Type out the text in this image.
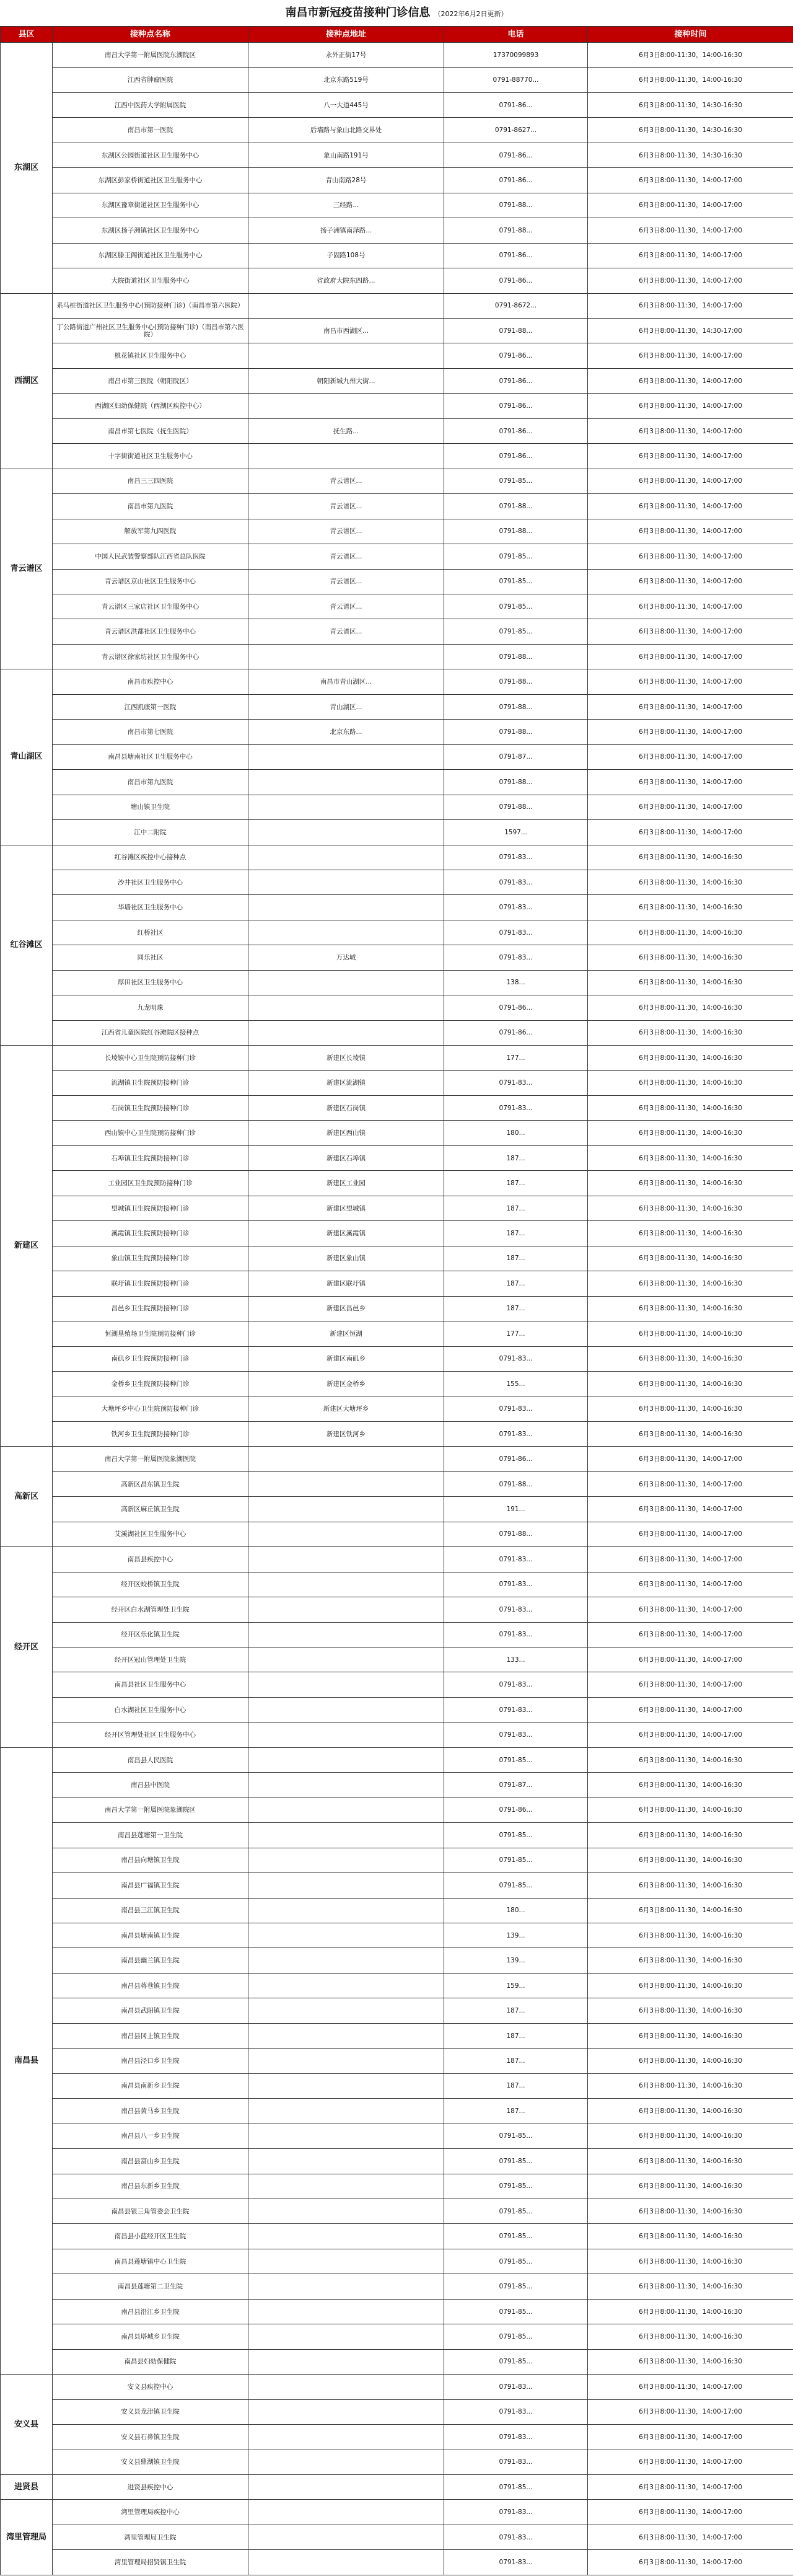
南昌市新冠疫苗接种门诊信息 （2022年6月2日更新）
县区	接种点名称	接种点地址	电话	接种时间
东湖区	南昌大学第一附属医院东湖院区	永外正街17号	17370099893	6月3日8:00-11:30，14:00-16:30
	江西省肿瘤医院	北京东路519号	0791-88770...	6月3日8:00-11:30，14:00-16:30
	江西中医药大学附属医院	八一大道445号	0791-86...	6月3日8:00-11:30，14:30-16:30
	南昌市第一医院	后墙路与象山北路交界处	0791-8627...	6月3日8:00-11:30，14:30-16:30
	东湖区公园街道社区卫生服务中心	象山南路191号	0791-86...	6月3日8:00-11:30，14:30-16:30
	东湖区彭家桥街道社区卫生服务中心	青山南路28号	0791-86...	6月3日8:00-11:30，14:00-17:00
	东湖区豫章街道社区卫生服务中心	三经路...	0791-88...	6月3日8:00-11:30，14:00-17:00
	东湖区扬子洲镇社区卫生服务中心	扬子洲镇南泽路...	0791-88...	6月3日8:00-11:30，14:00-17:00
	东湖区滕王阁街道社区卫生服务中心	子固路108号	0791-86...	6月3日8:00-11:30，14:00-17:00
	大院街道社区卫生服务中心	省政府大院东四路...	0791-86...	6月3日8:00-11:30，14:00-17:00
西湖区	系马桩街道社区卫生服务中心(预防接种门诊)（南昌市第六医院）		0791-8672...	6月3日8:00-11:30，14:00-17:00
	丁公路街道广州社区卫生服务中心(预防接种门诊)（南昌市第六医院）	南昌市西湖区...	0791-88...	6月3日8:00-11:30，14:30-17:00
	桃花镇社区卫生服务中心		0791-86...	6月3日8:00-11:30，14:00-17:00
	南昌市第三医院（朝阳院区）	朝阳新城九州大街...	0791-86...	6月3日8:00-11:30，14:00-17:00
	西湖区妇幼保健院（西湖区疾控中心）		0791-86...	6月3日8:00-11:30，14:00-17:00
	南昌市第七医院（抚生医院）	抚生路...	0791-86...	6月3日8:00-11:30，14:00-17:00
	十字街街道社区卫生服务中心		0791-86...	6月3日8:00-11:30，14:00-17:00
青云谱区	南昌三三四医院	青云谱区...	0791-85...	6月3日8:00-11:30，14:00-17:00
	南昌市第九医院	青云谱区...	0791-88...	6月3日8:00-11:30，14:00-17:00
	解放军第九四医院	青云谱区...	0791-88...	6月3日8:00-11:30，14:00-17:00
	中国人民武装警察部队江西省总队医院	青云谱区...	0791-85...	6月3日8:00-11:30，14:00-17:00
	青云谱区京山社区卫生服务中心	青云谱区...	0791-85...	6月3日8:00-11:30，14:00-17:00
	青云谱区三家店社区卫生服务中心	青云谱区...	0791-85...	6月3日8:00-11:30，14:00-17:00
	青云谱区洪都社区卫生服务中心	青云谱区...	0791-85...	6月3日8:00-11:30，14:00-17:00
	青云谱区徐家坊社区卫生服务中心		0791-88...	6月3日8:00-11:30，14:00-17:00
青山湖区	南昌市疾控中心	南昌市青山湖区...	0791-88...	6月3日8:00-11:30，14:00-17:00
	江西凯康第一医院	青山湖区...	0791-88...	6月3日8:00-11:30，14:00-17:00
	南昌市第七医院	北京东路...	0791-88...	6月3日8:00-11:30，14:00-17:00
	南昌县塘南社区卫生服务中心		0791-87...	6月3日8:00-11:30，14:00-17:00
	南昌市第九医院		0791-88...	6月3日8:00-11:30，14:00-17:00
	塘山镇卫生院		0791-88...	6月3日8:00-11:30，14:00-17:00
	江中二附院		1597...	6月3日8:00-11:30，14:00-17:00
红谷滩区	红谷滩区疾控中心接种点		0791-83...	6月3日8:00-11:30，14:00-16:30
	沙井社区卫生服务中心		0791-83...	6月3日8:00-11:30，14:00-16:30
	华墙社区卫生服务中心		0791-83...	6月3日8:00-11:30，14:00-16:30
	红桥社区		0791-83...	6月3日8:00-11:30，14:00-16:30
	同乐社区	万达城	0791-83...	6月3日8:00-11:30，14:00-16:30
	厚田社区卫生服务中心		138...	6月3日8:00-11:30，14:00-16:30
	九龙明珠		0791-86...	6月3日8:00-11:30，14:00-16:30
	江西省儿童医院红谷滩院区接种点		0791-86...	6月3日8:00-11:30，14:00-16:30
新建区	长堎镇中心卫生院预防接种门诊	新建区长堎镇	177...	6月3日8:00-11:30，14:00-16:30
	流湖镇卫生院预防接种门诊	新建区流湖镇	0791-83...	6月3日8:00-11:30，14:00-16:30
	石岗镇卫生院预防接种门诊	新建区石岗镇	0791-83...	6月3日8:00-11:30，14:00-16:30
	西山镇中心卫生院预防接种门诊	新建区西山镇	180...	6月3日8:00-11:30，14:00-16:30
	石埠镇卫生院预防接种门诊	新建区石埠镇	187...	6月3日8:00-11:30，14:00-16:30
	工业园区卫生院预防接种门诊	新建区工业园	187...	6月3日8:00-11:30，14:00-16:30
	望城镇卫生院预防接种门诊	新建区望城镇	187...	6月3日8:00-11:30，14:00-16:30
	溪霞镇卫生院预防接种门诊	新建区溪霞镇	187...	6月3日8:00-11:30，14:00-16:30
	象山镇卫生院预防接种门诊	新建区象山镇	187...	6月3日8:00-11:30，14:00-16:30
	联圩镇卫生院预防接种门诊	新建区联圩镇	187...	6月3日8:00-11:30，14:00-16:30
	昌邑乡卫生院预防接种门诊	新建区昌邑乡	187...	6月3日8:00-11:30，14:00-16:30
	恒湖垦殖场卫生院预防接种门诊	新建区恒湖	177...	6月3日8:00-11:30，14:00-16:30
	南矶乡卫生院预防接种门诊	新建区南矶乡	0791-83...	6月3日8:00-11:30，14:00-16:30
	金桥乡卫生院预防接种门诊	新建区金桥乡	155...	6月3日8:00-11:30，14:00-16:30
	大塘坪乡中心卫生院预防接种门诊	新建区大塘坪乡	0791-83...	6月3日8:00-11:30，14:00-16:30
	铁河乡卫生院预防接种门诊	新建区铁河乡	0791-83...	6月3日8:00-11:30，14:00-16:30
高新区	南昌大学第一附属医院象湖医院		0791-86...	6月3日8:00-11:30，14:00-17:00
	高新区昌东镇卫生院		0791-88...	6月3日8:00-11:30，14:00-17:00
	高新区麻丘镇卫生院		191...	6月3日8:00-11:30，14:00-17:00
	艾溪湖社区卫生服务中心		0791-88...	6月3日8:00-11:30，14:00-17:00
经开区	南昌县疾控中心		0791-83...	6月3日8:00-11:30，14:00-17:00
	经开区蛟桥镇卫生院		0791-83...	6月3日8:00-11:30，14:00-17:00
	经开区白水湖管理处卫生院		0791-83...	6月3日8:00-11:30，14:00-17:00
	经开区乐化镇卫生院		0791-83...	6月3日8:00-11:30，14:00-17:00
	经开区冠山管理处卫生院		133...	6月3日8:00-11:30，14:00-17:00
	南昌县社区卫生服务中心		0791-83...	6月3日8:00-11:30，14:00-17:00
	白水湖社区卫生服务中心		0791-83...	6月3日8:00-11:30，14:00-17:00
	经开区管理处社区卫生服务中心		0791-83...	6月3日8:00-11:30，14:00-17:00
南昌县	南昌县人民医院		0791-85...	6月3日8:00-11:30，14:00-16:30
	南昌县中医院		0791-87...	6月3日8:00-11:30，14:00-16:30
	南昌大学第一附属医院象湖院区		0791-86...	6月3日8:00-11:30，14:00-16:30
	南昌县莲塘第一卫生院		0791-85...	6月3日8:00-11:30，14:00-16:30
	南昌县向塘镇卫生院		0791-85...	6月3日8:00-11:30，14:00-16:30
	南昌县广福镇卫生院		0791-85...	6月3日8:00-11:30，14:00-16:30
	南昌县三江镇卫生院		180...	6月3日8:00-11:30，14:00-16:30
	南昌县塘南镇卫生院		139...	6月3日8:00-11:30，14:00-16:30
	南昌县幽兰镇卫生院		139...	6月3日8:00-11:30，14:00-16:30
	南昌县蒋巷镇卫生院		159...	6月3日8:00-11:30，14:00-16:30
	南昌县武阳镇卫生院		187...	6月3日8:00-11:30，14:00-16:30
	南昌县冈上镇卫生院		187...	6月3日8:00-11:30，14:00-16:30
	南昌县泾口乡卫生院		187...	6月3日8:00-11:30，14:00-16:30
	南昌县南新乡卫生院		187...	6月3日8:00-11:30，14:00-16:30
	南昌县黄马乡卫生院		187...	6月3日8:00-11:30，14:00-16:30
	南昌县八一乡卫生院		0791-85...	6月3日8:00-11:30，14:00-16:30
	南昌县富山乡卫生院		0791-85...	6月3日8:00-11:30，14:00-16:30
	南昌县东新乡卫生院		0791-85...	6月3日8:00-11:30，14:00-16:30
	南昌县银三角管委会卫生院		0791-85...	6月3日8:00-11:30，14:00-16:30
	南昌县小蓝经开区卫生院		0791-85...	6月3日8:00-11:30，14:00-16:30
	南昌县莲塘镇中心卫生院		0791-85...	6月3日8:00-11:30，14:00-16:30
	南昌县莲塘第二卫生院		0791-85...	6月3日8:00-11:30，14:00-16:30
	南昌县沿江乡卫生院		0791-85...	6月3日8:00-11:30，14:00-16:30
	南昌县塔城乡卫生院		0791-85...	6月3日8:00-11:30，14:00-16:30
	南昌县妇幼保健院		0791-85...	6月3日8:00-11:30，14:00-16:30
安义县	安义县疾控中心		0791-83...	6月3日8:00-11:30，14:00-17:00
	安义县龙津镇卫生院		0791-83...	6月3日8:00-11:30，14:00-17:00
	安义县石鼻镇卫生院		0791-83...	6月3日8:00-11:30，14:00-17:00
	安义县鼎湖镇卫生院		0791-83...	6月3日8:00-11:30，14:00-17:00
进贤县	进贤县疾控中心		0791-85...	6月3日8:00-11:30，14:00-17:00
湾里管理局	湾里管理局疾控中心		0791-83...	6月3日8:00-11:30，14:00-17:00
	湾里管理局卫生院		0791-83...	6月3日8:00-11:30，14:00-17:00
	湾里管理局招贤镇卫生院		0791-83...	6月3日8:00-11:30，14:00-17:00
